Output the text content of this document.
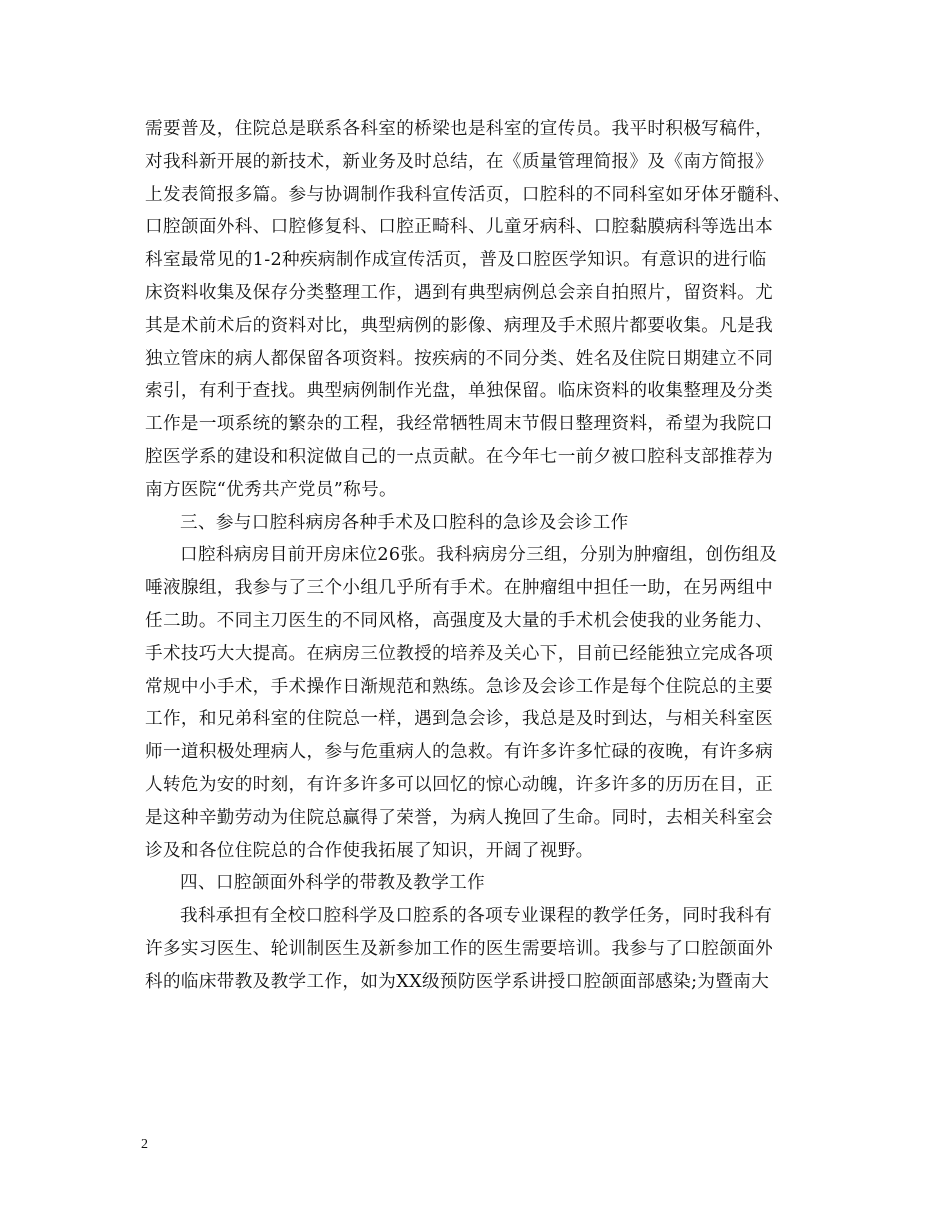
需要普及，住院总是联系各科室的桥梁也是科室的宣传员。我平时积极写稿件，
对我科新开展的新技术，新业务及时总结，在《质量管理简报》及《南方简报》
上发表简报多篇。参与协调制作我科宣传活页，口腔科的不同科室如牙体牙髓科、
口腔颌面外科、口腔修复科、口腔正畸科、儿童牙病科、口腔黏膜病科等选出本
科室最常见的1-2种疾病制作成宣传活页，普及口腔医学知识。有意识的进行临
床资料收集及保存分类整理工作，遇到有典型病例总会亲自拍照片，留资料。尤
其是术前术后的资料对比，典型病例的影像、病理及手术照片都要收集。凡是我
独立管床的病人都保留各项资料。按疾病的不同分类、姓名及住院日期建立不同
索引，有利于查找。典型病例制作光盘，单独保留。临床资料的收集整理及分类
工作是一项系统的繁杂的工程，我经常牺牲周末节假日整理资料，希望为我院口
腔医学系的建设和积淀做自己的一点贡献。在今年七一前夕被口腔科支部推荐为
南方医院“优秀共产党员”称号。

三、参与口腔科病房各种手术及口腔科的急诊及会诊工作

口腔科病房目前开房床位26张。我科病房分三组，分别为肿瘤组，创伤组及
唾液腺组，我参与了三个小组几乎所有手术。在肿瘤组中担任一助，在另两组中
任二助。不同主刀医生的不同风格，高强度及大量的手术机会使我的业务能力、
手术技巧大大提高。在病房三位教授的培养及关心下，目前已经能独立完成各项
常规中小手术，手术操作日渐规范和熟练。急诊及会诊工作是每个住院总的主要
工作，和兄弟科室的住院总一样，遇到急会诊，我总是及时到达，与相关科室医
师一道积极处理病人，参与危重病人的急救。有许多许多忙碌的夜晚，有许多病
人转危为安的时刻，有许多许多可以回忆的惊心动魄，许多许多的历历在目，正
是这种辛勤劳动为住院总赢得了荣誉，为病人挽回了生命。同时，去相关科室会
诊及和各位住院总的合作使我拓展了知识，开阔了视野。

四、口腔颌面外科学的带教及教学工作

我科承担有全校口腔科学及口腔系的各项专业课程的教学任务，同时我科有
许多实习医生、轮训制医生及新参加工作的医生需要培训。我参与了口腔颌面外
科的临床带教及教学工作，如为XX级预防医学系讲授口腔颌面部感染;为暨南大

2
